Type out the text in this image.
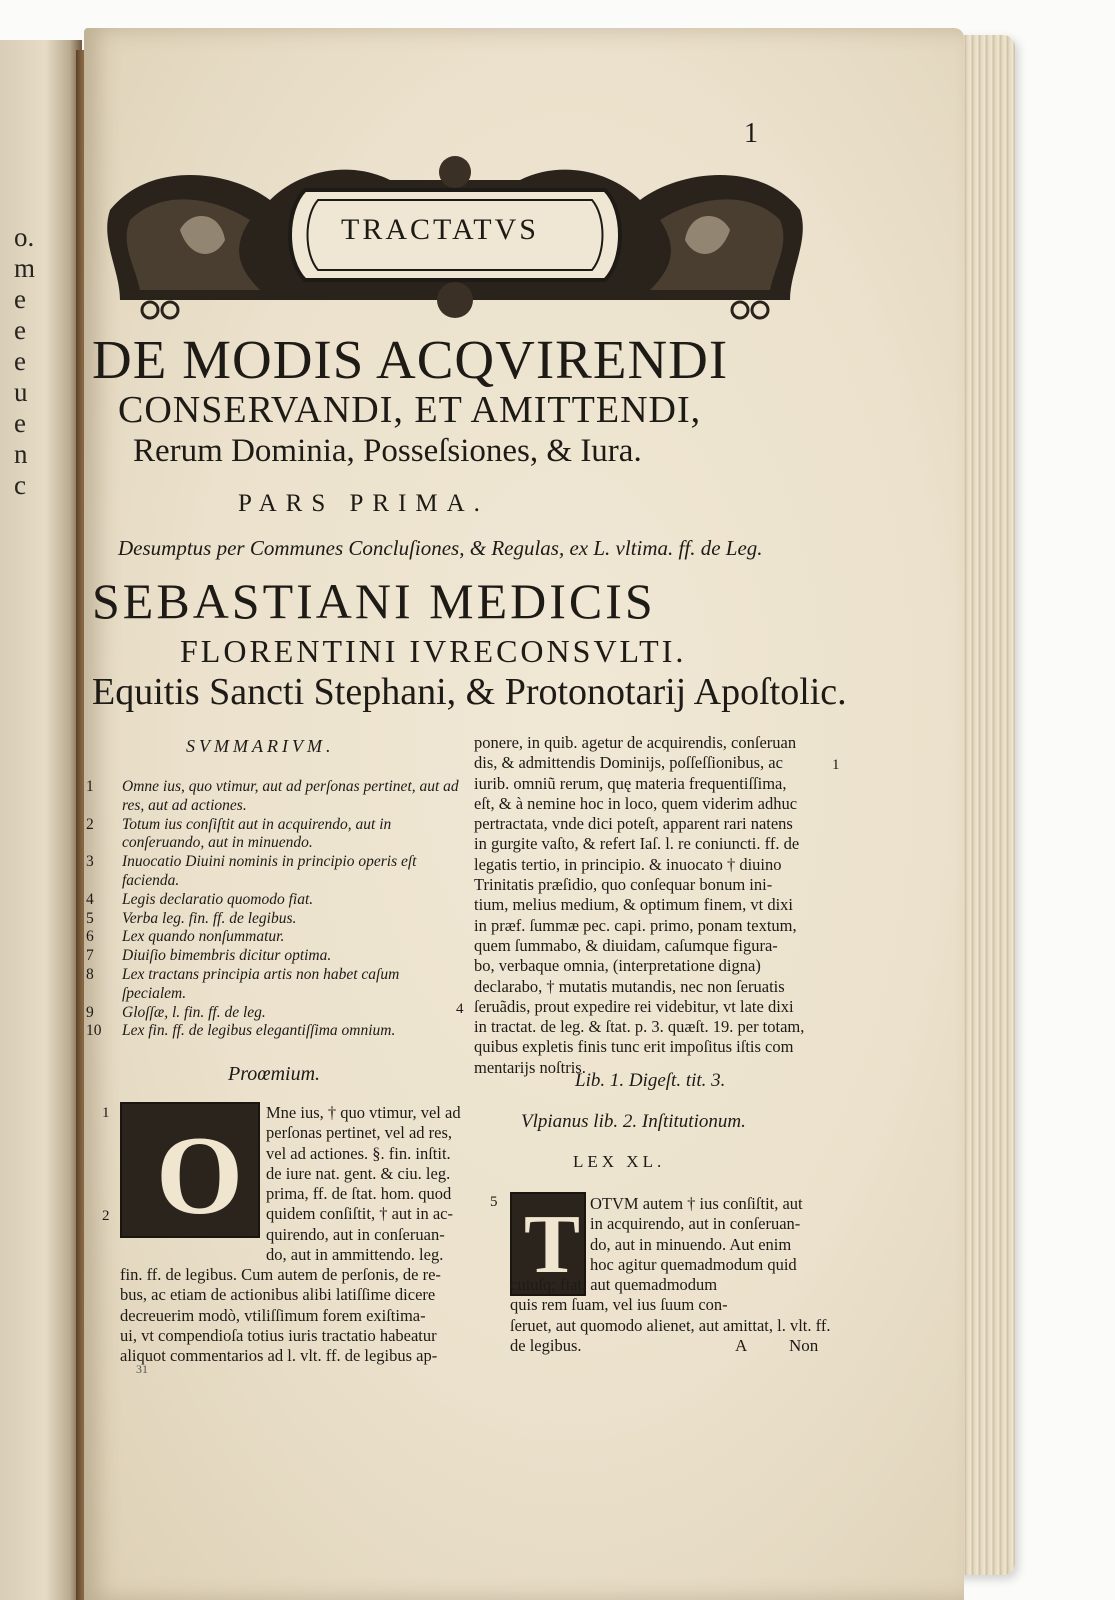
o.
m
e
e
e
u
e
n
c
1
TRACTATVS
DE MODIS ACQVIRENDI
CONSERVANDI, ET AMITTENDI,
Rerum Dominia, Posseſsiones, & Iura.
PARS PRIMA.
Desumptus per Communes Concluſiones, & Regulas, ex L. vltima. ff. de Leg.
SEBASTIANI MEDICIS
FLORENTINI IVRECONSVLTI.
Equitis Sancti Stephani, & Protonotarij Apoſtolic.
SVMMARIVM.
1 Omne ius, quo vtimur, aut ad perſonas pertinet, aut ad res, aut ad actiones.
2 Totum ius conſiſtit aut in acquirendo, aut in conſeruando, aut in minuendo.
3 Inuocatio Diuini nominis in principio operis eſt facienda.
4 Legis declaratio quomodo fiat.
5 Verba leg. fin. ff. de legibus.
6 Lex quando nonſummatur.
7 Diuiſio bimembris dicitur optima.
8 Lex tractans principia artis non habet caſum ſpecialem.
9 Gloſſæ, l. fin. ff. de leg.
10 Lex fin. ff. de legibus elegantiſſima omnium.
ponere, in quib. agetur de acquirendis, conſeruan
dis, & admittendis Dominijs, poſſeſſionibus, ac
iurib. omniũ rerum, quę materia frequentiſſima,
eſt, & à nemine hoc in loco, quem viderim adhuc
pertractata, vnde dici poteſt, apparent rari natens
in gurgite vaſto, & refert Iaſ. l. re coniuncti. ff. de
legatis tertio, in principio. & inuocato † diuino
Trinitatis præſidio, quo conſequar bonum ini-
tium, melius medium, & optimum finem, vt dixi
in præf. ſummæ pec. capi. primo, ponam textum,
quem ſummabo, & diuidam, caſumque figura-
bo, verbaque omnia, (interpretatione digna)
declarabo, † mutatis mutandis, nec non ſeruatis
ſeruãdis, prout expedire rei videbitur, vt late dixi
in tractat. de leg. & ſtat. p. 3. quæſt. 19. per totam,
quibus expletis finis tunc erit impoſitus iſtis com
mentarijs noſtris.
1
4
Proœmium.
1
2 O
Mne ius, † quo vtimur, vel ad
perſonas pertinet, vel ad res,
vel ad actiones. §. fin. inſtit.
de iure nat. gent. & ciu. leg.
prima, ff. de ſtat. hom. quod
quidem conſiſtit, † aut in ac-
quirendo, aut in conſeruan-
do, aut in ammittendo. leg.
fin. ff. de legibus. Cum autem de perſonis, de re-
bus, ac etiam de actionibus alibi latiſſime dicere
decreuerim modò, vtiliſſimum forem exiſtima-
ui, vt compendioſa totius iuris tractatio habeatur
aliquot commentarios ad l. vlt. ff. de legibus ap-
Lib. 1. Digeſt. tit. 3.
Vlpianus lib. 2. Inſtitutionum.
LEX XL.
5 T OTVM autem † ius conſiſtit, aut
in acquirendo, aut in conſeruan-
do, aut in minuendo. Aut enim
hoc agitur quemadmodum quid
cuiuſq; fiat, aut quemadmodum
quis rem ſuam, vel ius ſuum con-
ſeruet, aut quomodo alienet, aut amittat, l. vlt. ff.
de legibus.	A Non
31
